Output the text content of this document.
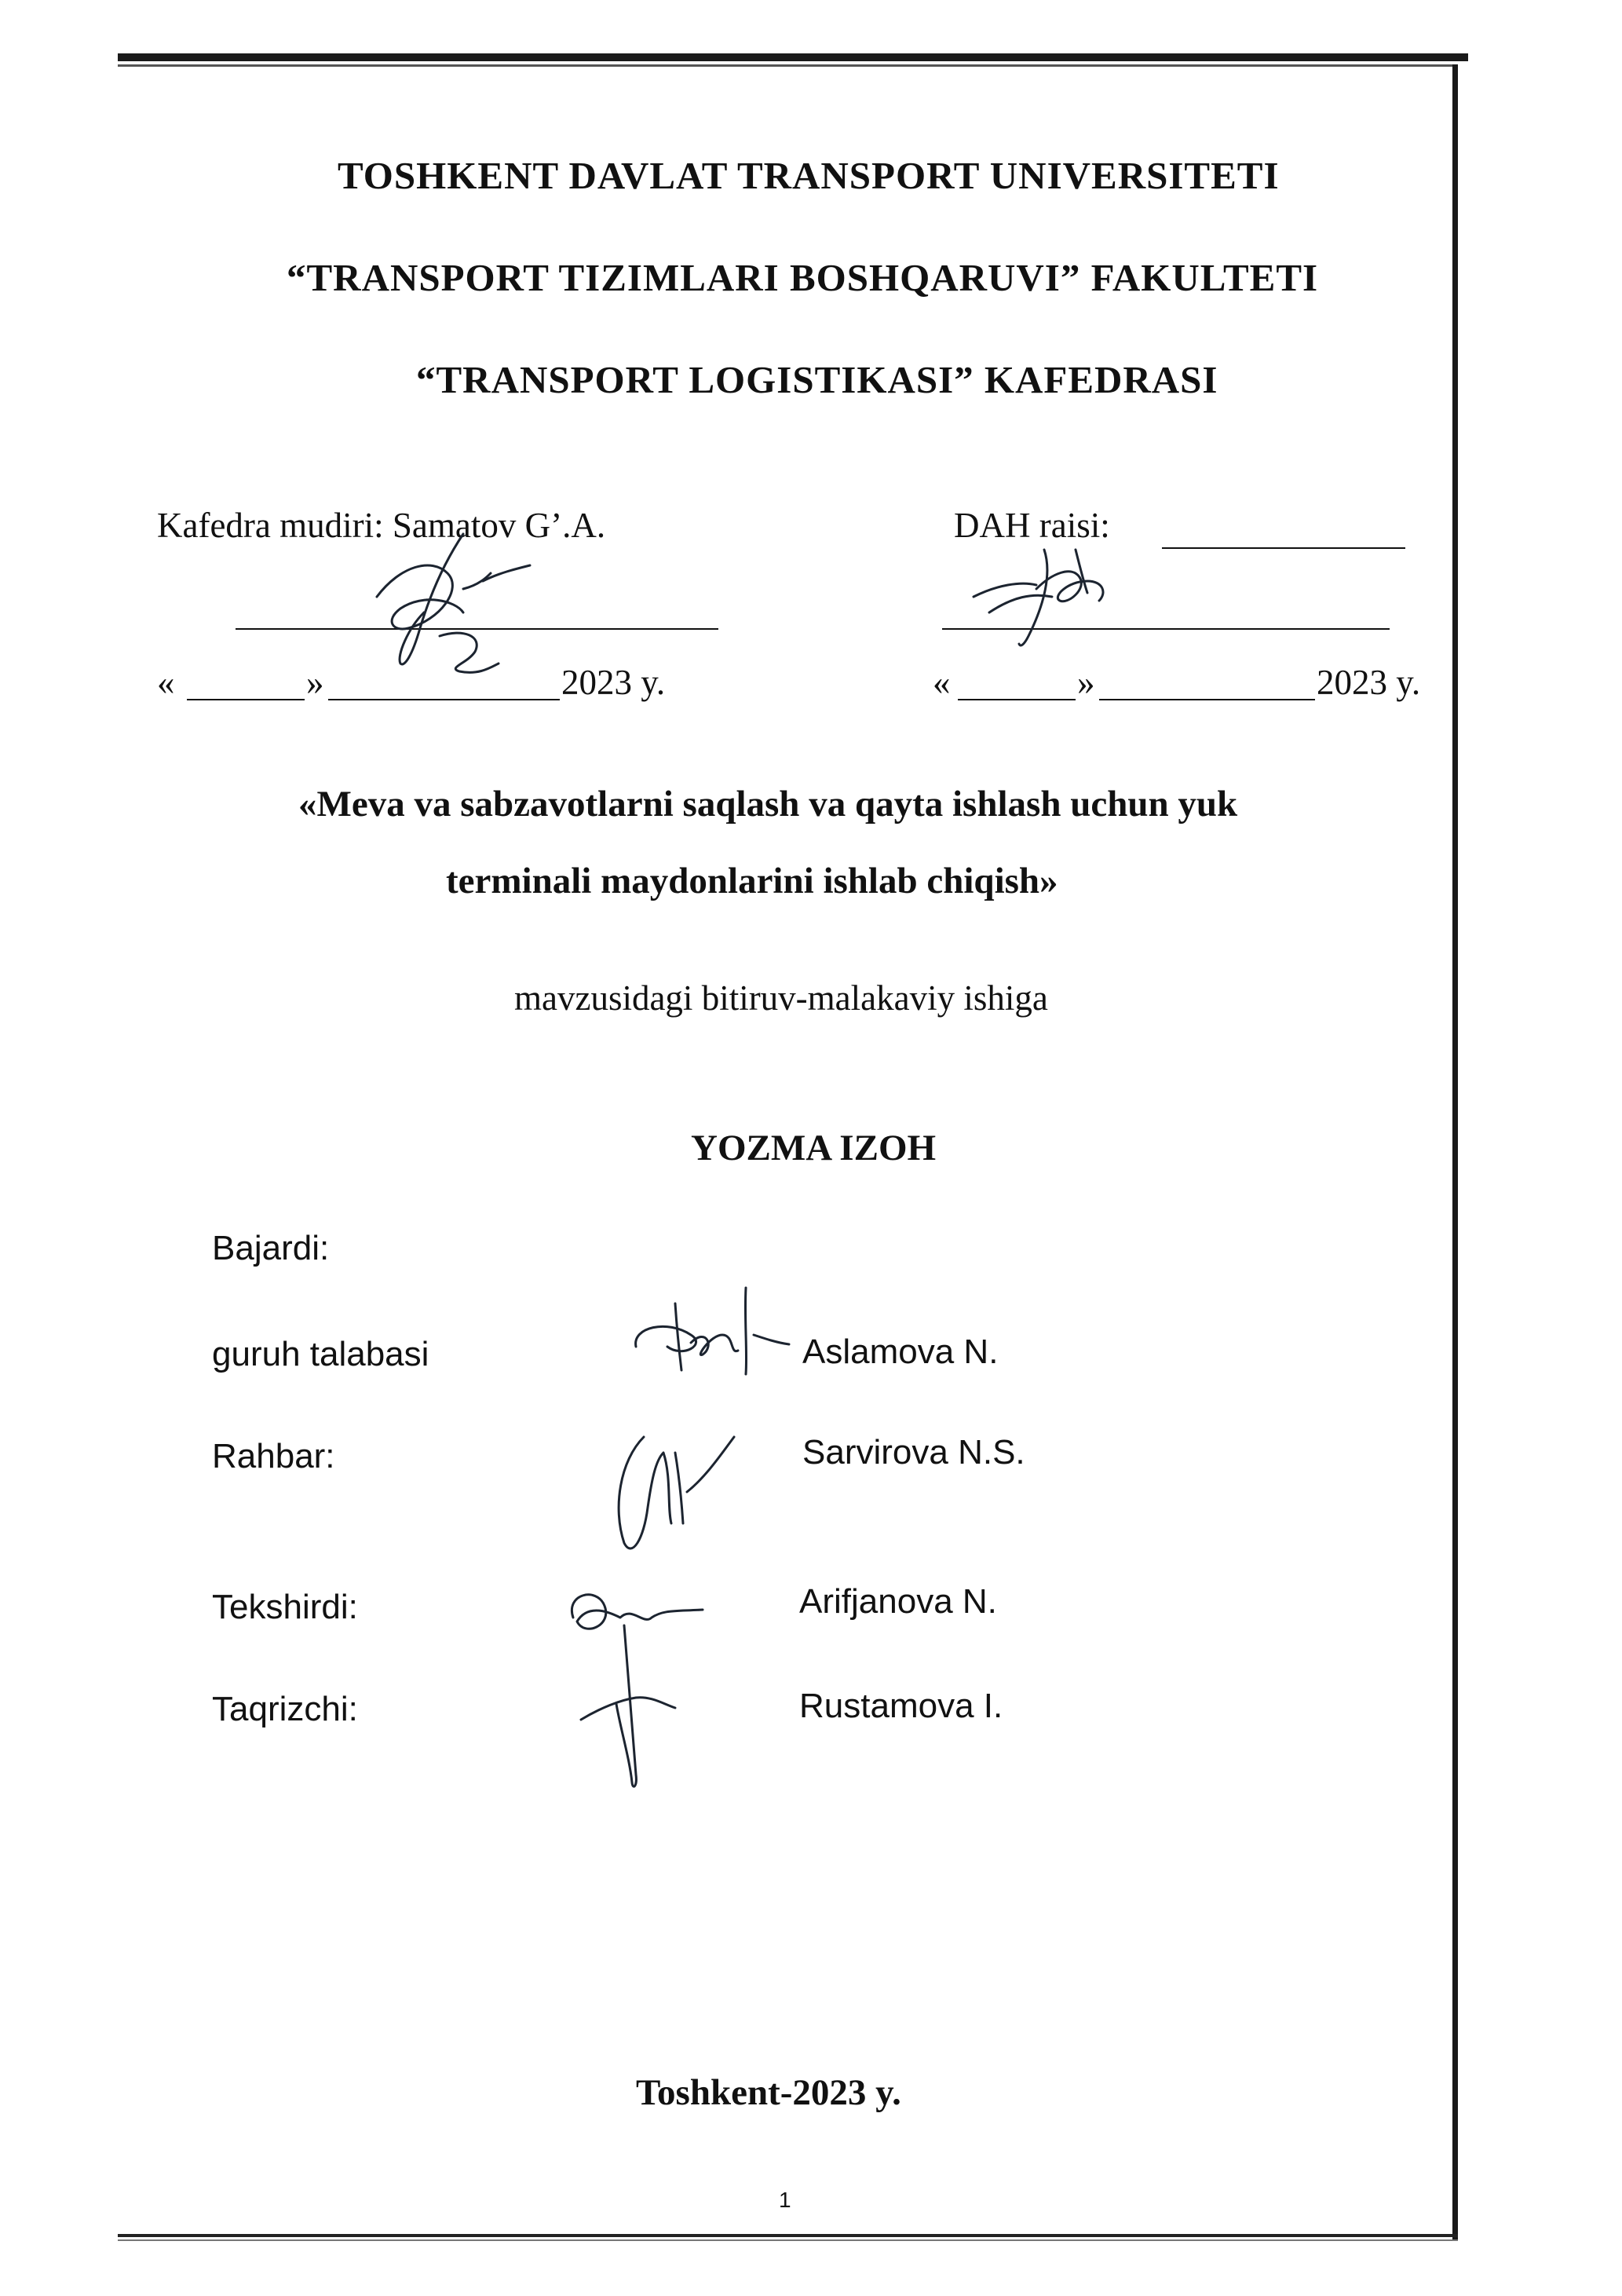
TOSHKENT DAVLAT TRANSPORT UNIVERSITETI
“TRANSPORT TIZIMLARI BOSHQARUVI” FAKULTETI
“TRANSPORT LOGISTIKASI” KAFEDRASI
Kafedra mudiri: Samatov G’.A.
«	»	2023 y.
DAH raisi:
«	»	2023 y.
«Meva va sabzavotlarni saqlash va qayta ishlash uchun yuk
terminali maydonlarini ishlab chiqish»
mavzusidagi bitiruv-malakaviy ishiga
YOZMA IZOH
Bajardi:
guruh talabasi	Aslamova N.
Rahbar:	Sarvirova N.S.
Tekshirdi:	Arifjanova N.
Taqrizchi:	Rustamova I.
Toshkent-2023 y.
1
